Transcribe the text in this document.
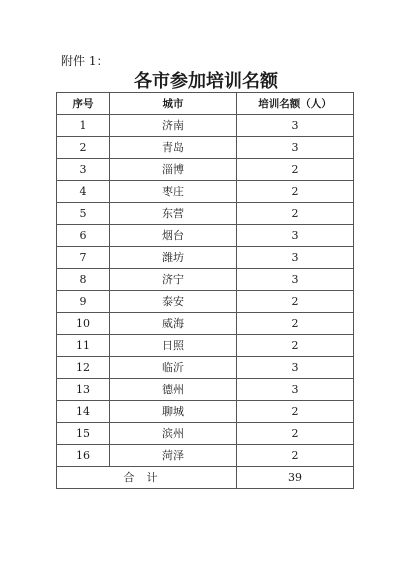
附件 1：
各市参加培训名额
序号	城市	培训名额（人）
1	济南	3
2	青岛	3
3	淄博	2
4	枣庄	2
5	东营	2
6	烟台	3
7	潍坊	3
8	济宁	3
9	泰安	2
10	威海	2
11	日照	2
12	临沂	3
13	德州	3
14	聊城	2
15	滨州	2
16	菏泽	2
合计		39
